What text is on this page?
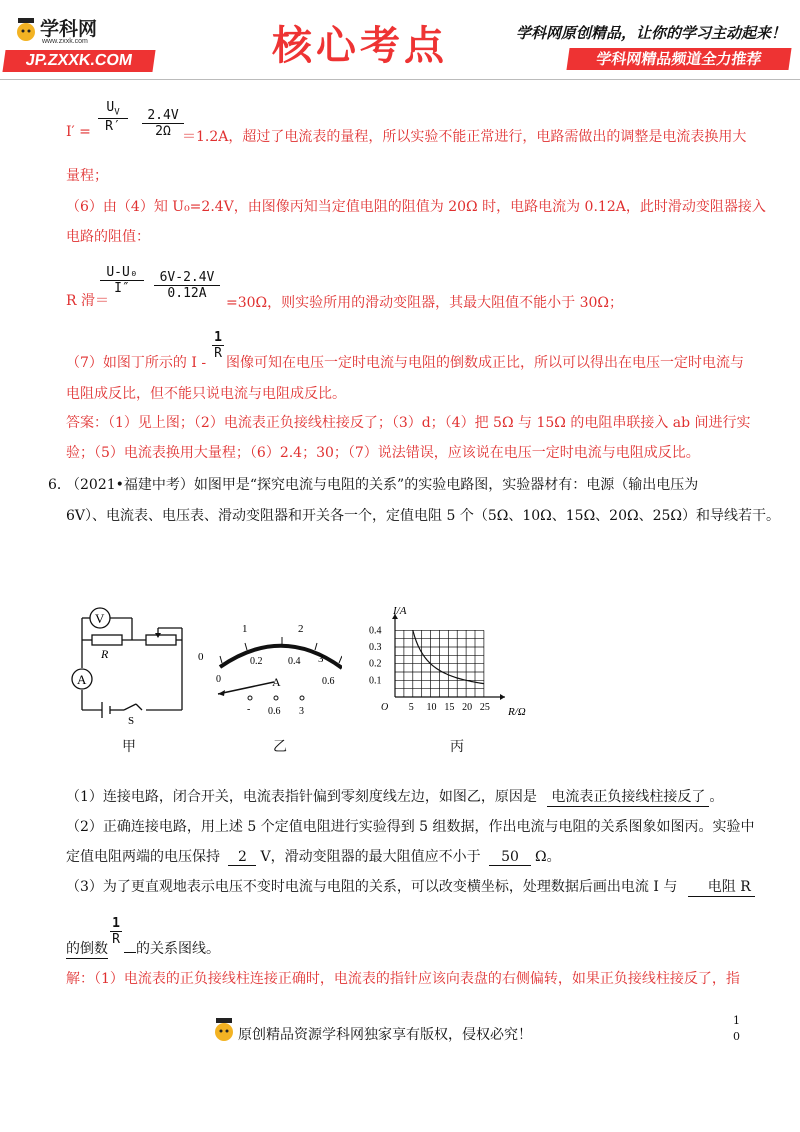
学科网
www.zxxk.com
JP.ZXXK.COM	核心考点	学科网原创精品，让你的学习主动起来！
学科网精品频道全力推荐
$I' = \frac{U_V}{R'} \frac{2.4V}{2\Omega}$
＝1.2A，超过了电流表的量程，所以实验不能正常进行，电路需做出的调整是电流表换用大
量程；
（6）由（4）知 U₀=2.4V，由图像丙知当定值电阻的阻值为 20Ω 时，电路电流为 0.12A，此时滑动变阻器接入
电路的阻值：
R 滑＝
$\frac{\text{U-U₀}}{I''} \frac{6V-2.4V}{0.12A}$
=30Ω，则实验所用的滑动变阻器，其最大阻值不能小于 30Ω；
（7）如图丁所示的 I -
$\frac{1}{R}$
图像可知在电压一定时电流与电阻的倒数成正比，所以可以得出在电压一定时电流与
电阻成反比，但不能只说电流与电阻成反比。
答案：（1）见上图；（2）电流表正负接线柱接反了；（3）d；（4）把 5Ω 与 15Ω 的电阻串联接入 ab 间进行实
验；（5）电流表换用大量程；（6）2.4；30；（7）说法错误，应该说在电压一定时电流与电阻成反比。
6．
（2021•福建中考）如图甲是“探究电流与电阻的关系”的实验电路图，实验器材有：电源（输出电压为
6V）、电流表、电压表、滑动变阻器和开关各一个，定值电阻 5 个（5Ω、10Ω、15Ω、20Ω、25Ω）和导线若干。
V
R
A
S
甲
0
1	2
3
0
0.2	0.4
0.6
A
- 0.6 3
乙
I/A
R/Ω
O 5 10 15 20 25
0.1
0.2
0.3
0.4
丙
（1）连接电路，闭合开关，电流表指针偏到零刻度线左边，如图乙，原因是 电流表正负接线柱接反了 。
（2）正确连接电路，用上述 5 个定值电阻进行实验得到 5 组数据，作出电流与电阻的关系图象如图丙。实验中
定值电阻两端的电压保持 2 V，滑动变阻器的最大阻值应不小于 50 Ω。
（3）为了更直观地表示电压不变时电流与电阻的关系，可以改变横坐标，处理数据后画出电流 I 与 电阻 R
的倒数
$\frac{1}{R}$
的关系图线。
解：（1）电流表的正负接线柱连接正确时，电流表的指针应该向表盘的右侧偏转，如果正负接线柱接反了，指
原创精品资源学科网独家享有版权，侵权必究！
1
0
